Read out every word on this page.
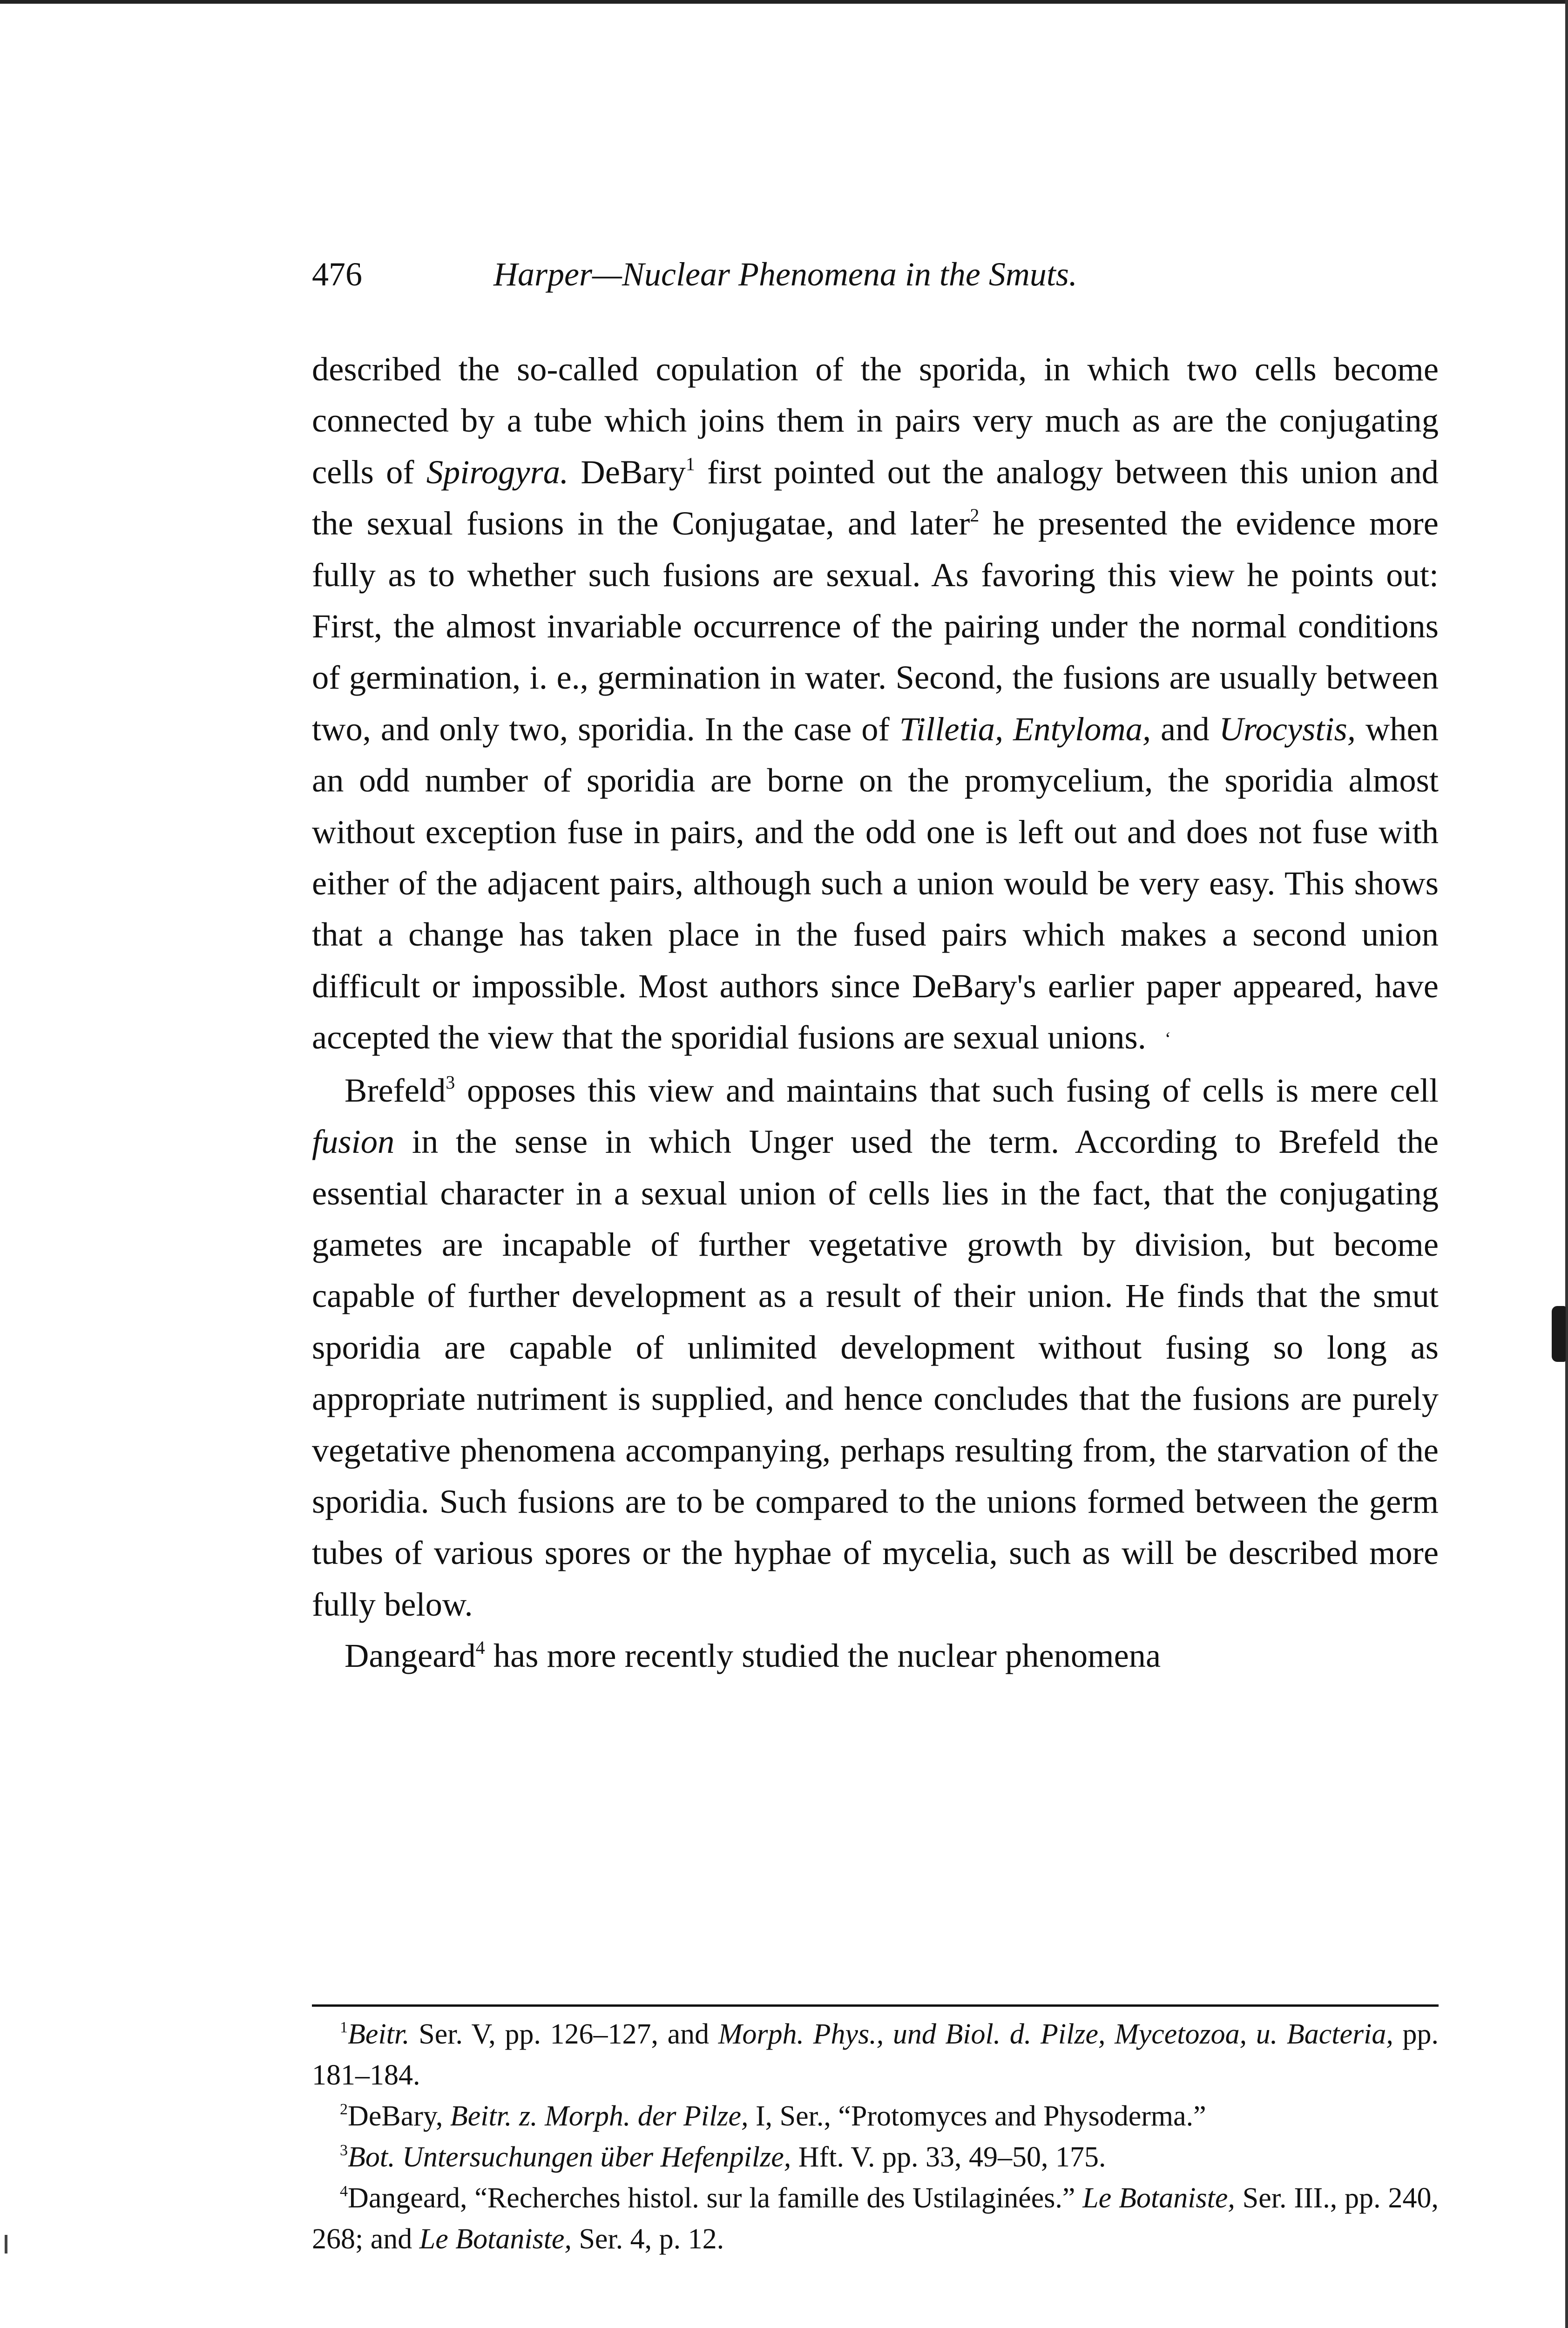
476	Harper—Nuclear Phenomena in the Smuts.

described the so-called copulation of the sporida, in which two cells become connected by a tube which joins them in pairs very much as are the conjugating cells of Spirogyra. DeBary$^1$ first pointed out the analogy between this union and the sexual fusions in the Conjugatae, and later$^2$ he presented the evidence more fully as to whether such fusions are sexual. As favoring this view he points out: First, the almost invariable occurrence of the pairing under the normal conditions of germination, i. e., germination in water. Second, the fusions are usually between two, and only two, sporidia. In the case of Tilletia, Entyloma, and Urocystis, when an odd number of sporidia are borne on the promycelium, the sporidia almost without exception fuse in pairs, and the odd one is left out and does not fuse with either of the adjacent pairs, although such a union would be very easy. This shows that a change has taken place in the fused pairs which makes a second union difficult or impossible. Most authors since DeBary's earlier paper appeared, have accepted the view that the sporidial fusions are sexual unions. ‘

Brefeld$^3$ opposes this view and maintains that such fusing of cells is mere cell fusion in the sense in which Unger used the term. According to Brefeld the essential character in a sexual union of cells lies in the fact, that the conjugating gametes are incapable of further vegetative growth by division, but become capable of further development as a result of their union. He finds that the smut sporidia are capable of unlimited development without fusing so long as appropriate nutriment is supplied, and hence concludes that the fusions are purely vegetative phenomena accompanying, perhaps resulting from, the starvation of the sporidia. Such fusions are to be compared to the unions formed between the germ tubes of various spores or the hyphae of mycelia, such as will be described more fully below.

Dangeard$^4$ has more recently studied the nuclear phenomena

$^1$Beitr. Ser. V, pp. 126–127, and Morph. Phys., und Biol. d. Pilze, Mycetozoa, u. Bacteria, pp. 181–184.

$^2$DeBary, Beitr. z. Morph. der Pilze, I, Ser., “Protomyces and Physoderma.”

$^3$Bot. Untersuchungen über Hefenpilze, Hft. V. pp. 33, 49–50, 175.

$^4$Dangeard, “Recherches histol. sur la famille des Ustilaginées.” Le Botaniste, Ser. III., pp. 240, 268; and Le Botaniste, Ser. 4, p. 12.
